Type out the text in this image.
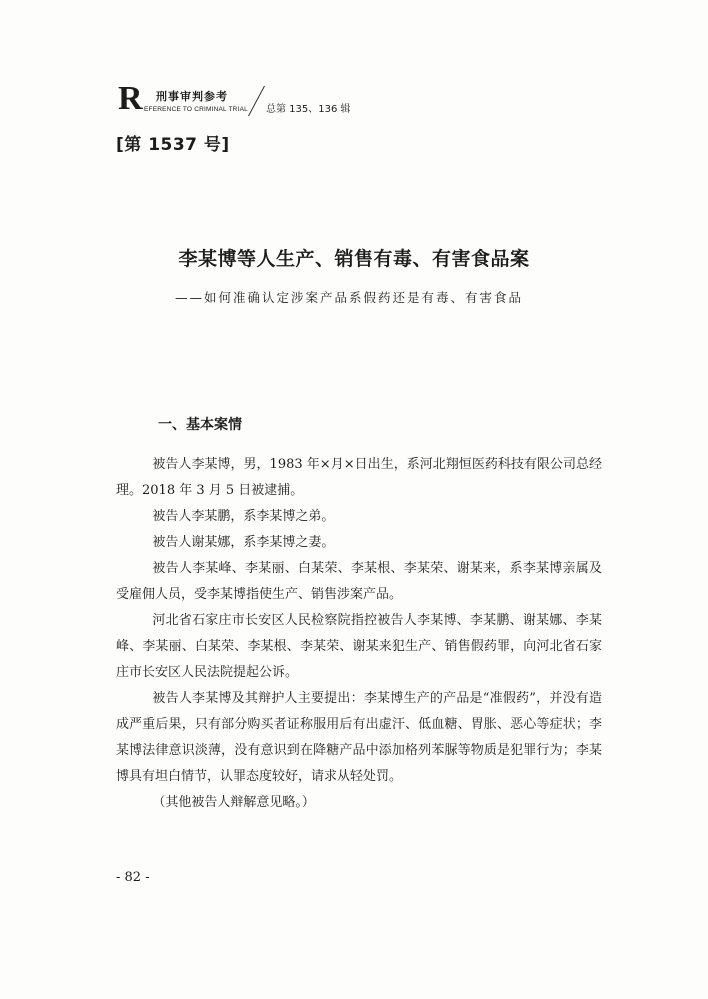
R 刑事审判参考
EFERENCE TO CRIMINAL TRIAL 总第 135、136 辑
[第 1537 号]
李某博等人生产、销售有毒、有害食品案
——如何准确认定涉案产品系假药还是有毒、有害食品
一、基本案情

被告人李某博，男，1983 年×月×日出生，系河北翔恒医药科技有限公司总经理。2018 年 3 月 5 日被逮捕。

被告人李某鹏，系李某博之弟。

被告人谢某娜，系李某博之妻。

被告人李某峰、李某丽、白某荣、李某根、李某荣、谢某来，系李某博亲属及受雇佣人员，受李某博指使生产、销售涉案产品。

河北省石家庄市长安区人民检察院指控被告人李某博、李某鹏、谢某娜、李某峰、李某丽、白某荣、李某根、李某荣、谢某来犯生产、销售假药罪，向河北省石家庄市长安区人民法院提起公诉。

被告人李某博及其辩护人主要提出：李某博生产的产品是“准假药”，并没有造成严重后果，只有部分购买者证称服用后有出虚汗、低血糖、胃胀、恶心等症状；李某博法律意识淡薄，没有意识到在降糖产品中添加格列苯脲等物质是犯罪行为；李某博具有坦白情节，认罪态度较好，请求从轻处罚。

（其他被告人辩解意见略。）

- 82 -
